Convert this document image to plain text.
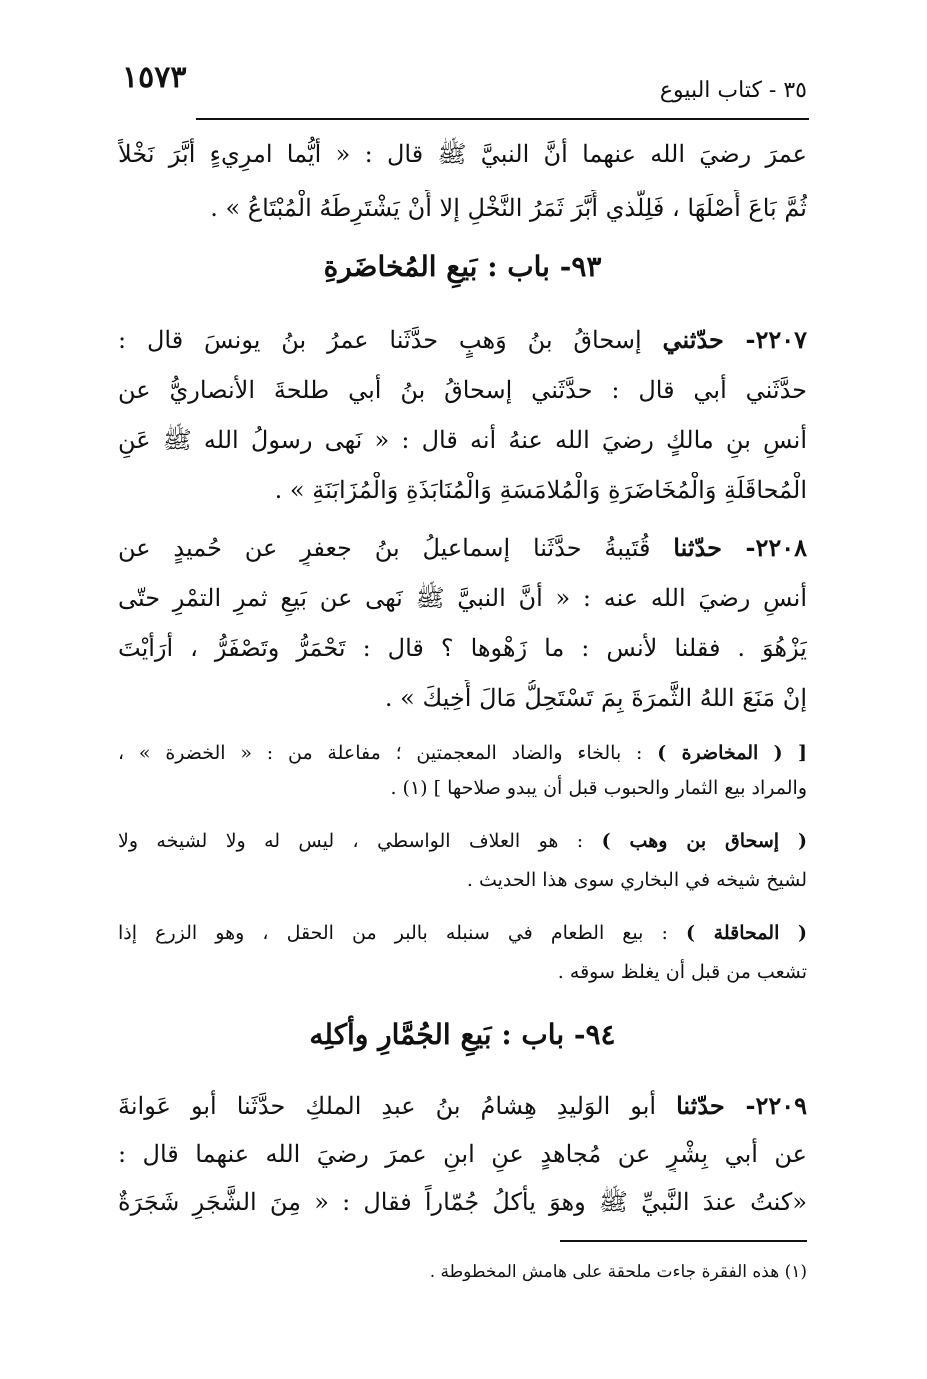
١٥٧٣	٣٥ - كتاب البيوع
عمرَ رضيَ الله عنهما أنَّ النبيَّ ﷺ قال : « أيُّما امرِيءٍ أبَّرَ نَخْلاً
ثُمَّ بَاعَ أَصْلَهَا ، فَلِلَّذي أَبَّرَ ثَمَرُ النَّخْلِ إلا أَنْ يَشْتَرِطَهُ الْمُبْتَاعُ » .
٩٣- باب : بَيعِ المُخاضَرةِ
٢٢٠٧- حدّثني إسحاقُ بنُ وَهبٍ حدَّثَنا عمرُ بنُ يونسَ قال :
حدَّثَني أبي قال : حدَّثَني إسحاقُ بنُ أبي طلحةَ الأنصاريُّ عن
أنسِ بنِ مالكٍ رضيَ الله عنهُ أنه قال : « نَهى رسولُ الله ﷺ عَنِ
الْمُحاقَلَةِ وَالْمُخَاضَرَةِ وَالْمُلامَسَةِ وَالْمُنَابَذَةِ وَالْمُزَابَنَةِ » .
٢٢٠٨- حدّثنا قُتَيبةُ حدَّثَنا إسماعيلُ بنُ جعفرٍ عن حُميدٍ عن
أنسٍ رضيَ الله عنه : « أنَّ النبيَّ ﷺ نَهى عن بَيعِ ثمرِ التمْرِ حتّى
يَزْهُوَ . فقلنا لأنس : ما زَهْوها ؟ قال : تَحْمَرُّ وتَصْفَرُّ ، أرَأيْتَ
إنْ مَنَعَ اللهُ الثَّمرَةَ بِمَ تَسْتَحِلُّ مَالَ أَخِيكَ » .
[ ( المخاضرة ) : بالخاء والضاد المعجمتين ؛ مفاعلة من : « الخضرة » ،
والمراد بيع الثمار والحبوب قبل أن يبدو صلاحها ] (١) .
( إسحاق بن وهب ) : هو العلاف الواسطي ، ليس له ولا لشيخه ولا
لشيخ شيخه في البخاري سوى هذا الحديث .
( المحاقلة ) : بيع الطعام في سنبله بالبر من الحقل ، وهو الزرع إذا
تشعب من قبل أن يغلظ سوقه .
٩٤- باب : بَيعِ الجُمَّارِ وأكلِه
٢٢٠٩- حدّثنا أبو الوَليدِ هِشامُ بنُ عبدِ الملكِ حدَّثَنا أبو عَوانةَ
عن أبي بِشْرٍ عن مُجاهدٍ عنِ ابنِ عمرَ رضيَ الله عنهما قال :
«كنتُ عندَ النَّبيِّ ﷺ وهوَ يأكلُ جُمّاراً فقال : « مِنَ الشَّجَرِ شَجَرَةٌ
(١) هذه الفقرة جاءت ملحقة على هامش المخطوطة .
